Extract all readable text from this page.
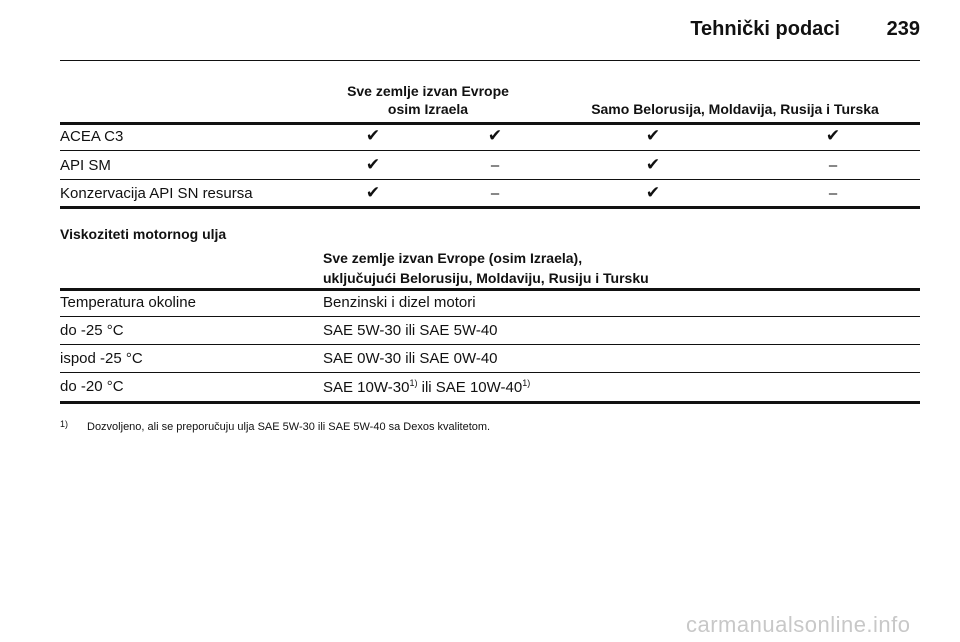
Tehnički podaci 239
Sve zemlje izvan Evrope
osim Izraela	Samo Belorusija, Moldavija, Rusija i Turska
ACEA C3	✔	✔	✔	✔
API SM	✔	–	✔	–
Konzervacija API SN resursa	✔	–	✔	–
Viskoziteti motornog ulja
Sve zemlje izvan Evrope (osim Izraela),
uključujući Belorusiju, Moldaviju, Rusiju i Tursku
Temperatura okoline	Benzinski i dizel motori
do -25 °C	SAE 5W-30 ili SAE 5W-40
ispod -25 °C	SAE 0W-30 ili SAE 0W-40
do -20 °C	SAE 10W-30$^{1)}$ ili SAE 10W-40$^{1)}$
1) Dozvoljeno, ali se preporučuju ulja SAE 5W-30 ili SAE 5W-40 sa Dexos kvalitetom.
carmanualsonline.info
